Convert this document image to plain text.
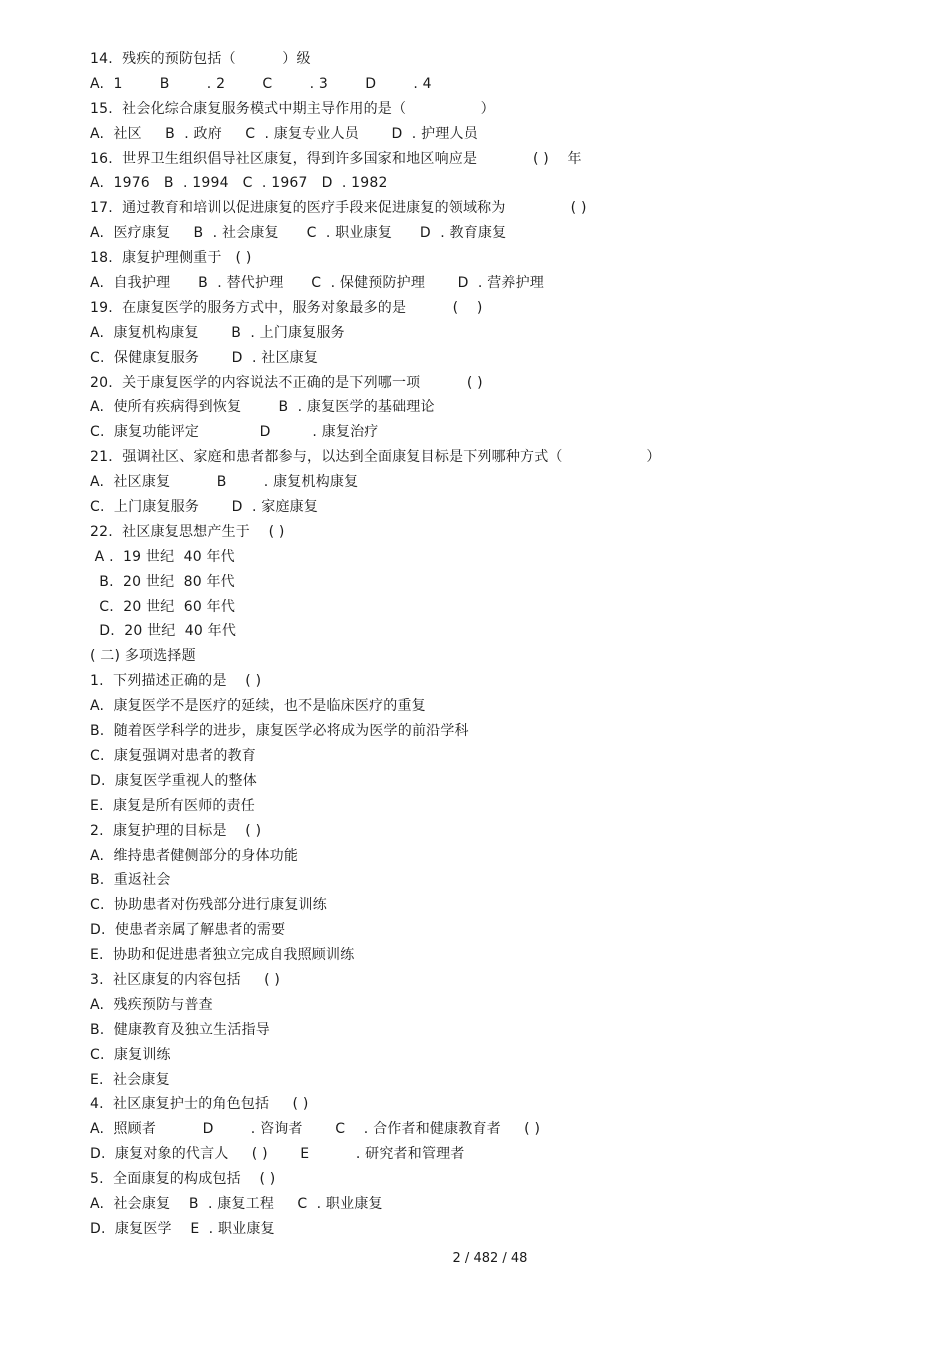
14.  残疾的预防包括（          ）级
A.  1        B        . 2        C        . 3        D        . 4
15.  社会化综合康复服务模式中期主导作用的是（                ）
A.  社区     B  . 政府     C  . 康复专业人员       D  . 护理人员
16.  世界卫生组织倡导社区康复，得到许多国家和地区响应是            ( )    年
A.  1976   B  . 1994   C  . 1967   D  . 1982
17.  通过教育和培训以促进康复的医疗手段来促进康复的领域称为              ( )
A.  医疗康复     B  . 社会康复      C  . 职业康复      D  . 教育康复
18.  康复护理侧重于   ( )
A.  自我护理      B  . 替代护理      C  . 保健预防护理       D  . 营养护理
19.  在康复医学的服务方式中，服务对象最多的是          (    )
A.  康复机构康复       B  . 上门康复服务
C.  保健康复服务       D  . 社区康复
20.  关于康复医学的内容说法不正确的是下列哪一项          ( )
A.  使所有疾病得到恢复        B  . 康复医学的基础理论
C.  康复功能评定             D         . 康复治疗
21．强调社区、家庭和患者都参与，以达到全面康复目标是下列哪种方式（                  ）
A.  社区康复          B        . 康复机构康复
C.  上门康复服务       D  . 家庭康复
22.  社区康复思想产生于    ( )
A .  19 世纪  40 年代
B.  20 世纪  80 年代
C.  20 世纪  60 年代
D.  20 世纪  40 年代
( 二) 多项选择题
1.  下列描述正确的是    ( )
A.  康复医学不是医疗的延续，也不是临床医疗的重复
B.  随着医学科学的进步，康复医学必将成为医学的前沿学科
C.  康复强调对患者的教育
D.  康复医学重视人的整体
E.  康复是所有医师的责任
2.  康复护理的目标是    ( )
A.  维持患者健侧部分的身体功能
B.  重返社会
C.  协助患者对伤残部分进行康复训练
D.  使患者亲属了解患者的需要
E.  协助和促进患者独立完成自我照顾训练
3.  社区康复的内容包括     ( )
A.  残疾预防与普查
B.  健康教育及独立生活指导
C.  康复训练
E.  社会康复
4.  社区康复护士的角色包括     ( )
A.  照顾者          D        . 咨询者       C    . 合作者和健康教育者     ( )
D.  康复对象的代言人     ( )       E          . 研究者和管理者
5.  全面康复的构成包括    ( )
A.  社会康复    B  . 康复工程     C  . 职业康复
D.  康复医学    E  . 职业康复
2 / 482 / 48
